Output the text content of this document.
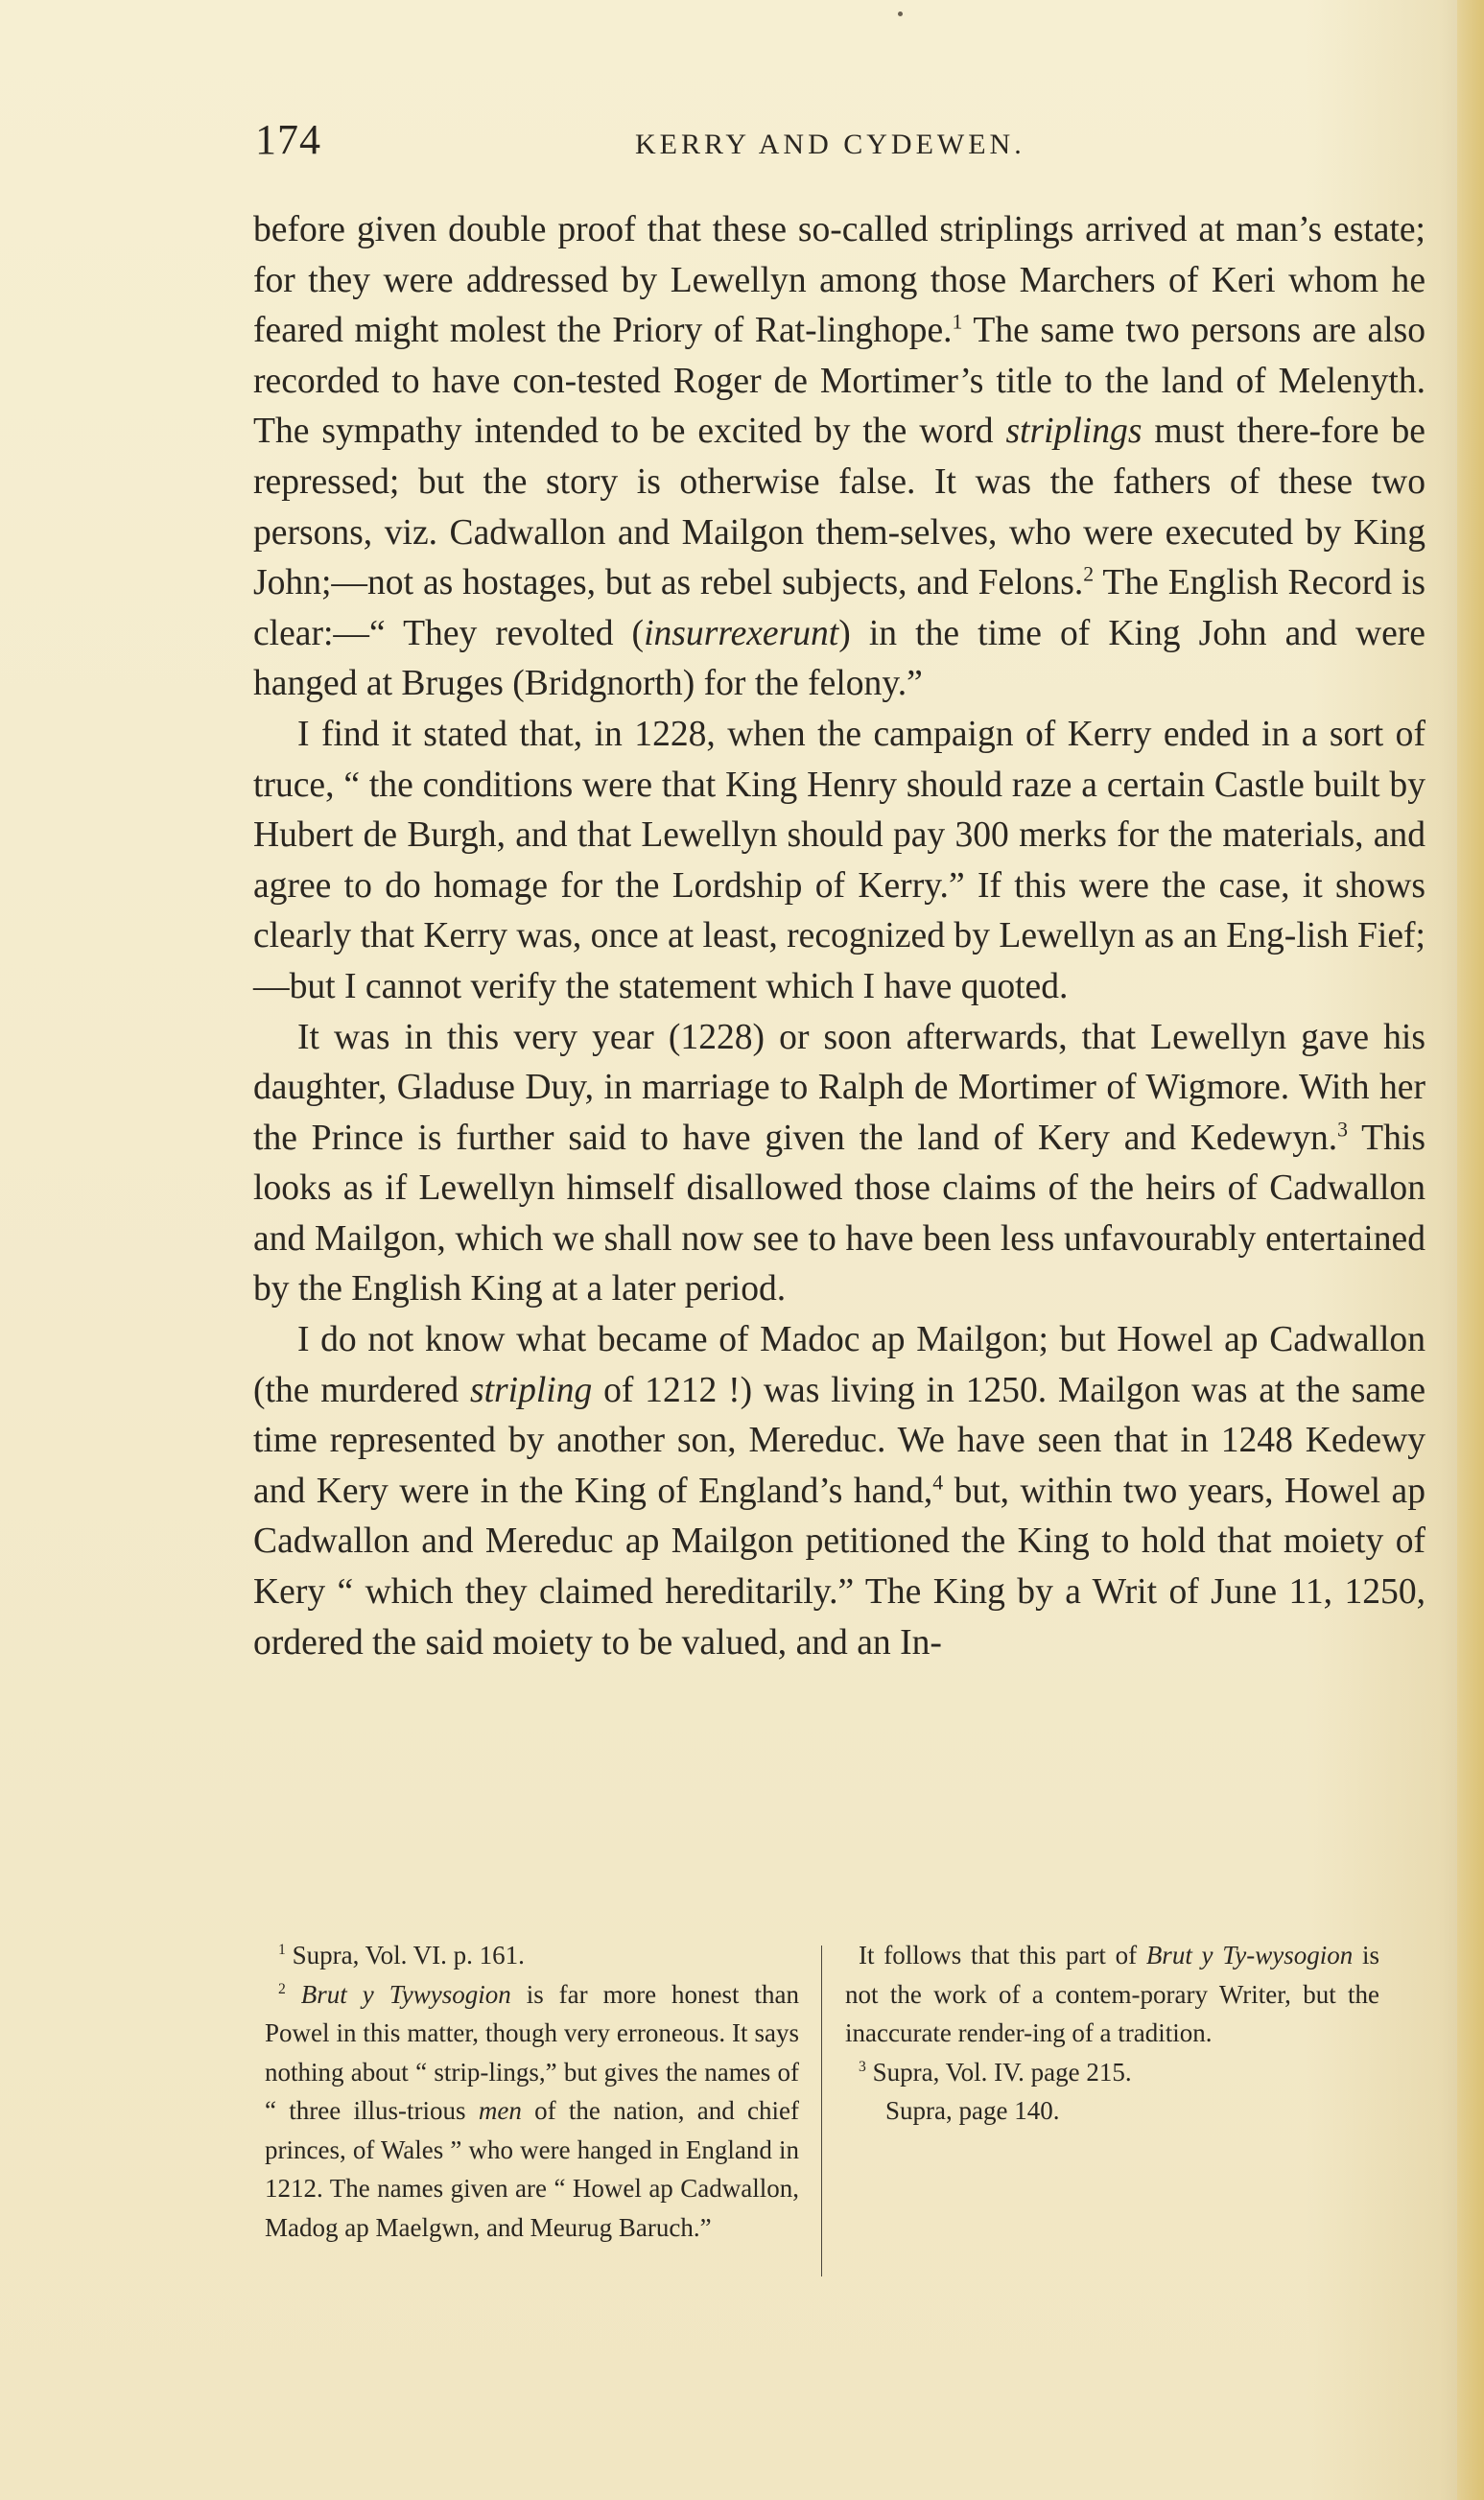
174	KERRY AND CYDEWEN.

before given double proof that these so-called striplings arrived at man’s estate; for they were addressed by Lewellyn among those Marchers of Keri whom he feared might molest the Priory of Rat-linghope.$^1$ The same two persons are also recorded to have con-tested Roger de Mortimer’s title to the land of Melenyth. The sympathy intended to be excited by the word striplings must there-fore be repressed; but the story is otherwise false. It was the fathers of these two persons, viz. Cadwallon and Mailgon them-selves, who were executed by King John;—not as hostages, but as rebel subjects, and Felons.$^2$ The English Record is clear:—“ They revolted (insurrexerunt) in the time of King John and were hanged at Bruges (Bridgnorth) for the felony.”

I find it stated that, in 1228, when the campaign of Kerry ended in a sort of truce, “ the conditions were that King Henry should raze a certain Castle built by Hubert de Burgh, and that Lewellyn should pay 300 merks for the materials, and agree to do homage for the Lordship of Kerry.” If this were the case, it shows clearly that Kerry was, once at least, recognized by Lewellyn as an Eng-lish Fief;—but I cannot verify the statement which I have quoted.

It was in this very year (1228) or soon afterwards, that Lewellyn gave his daughter, Gladuse Duy, in marriage to Ralph de Mortimer of Wigmore. With her the Prince is further said to have given the land of Kery and Kedewyn.$^3$ This looks as if Lewellyn himself disallowed those claims of the heirs of Cadwallon and Mailgon, which we shall now see to have been less unfavourably entertained by the English King at a later period.

I do not know what became of Madoc ap Mailgon; but Howel ap Cadwallon (the murdered stripling of 1212 !) was living in 1250. Mailgon was at the same time represented by another son, Mereduc. We have seen that in 1248 Kedewy and Kery were in the King of England’s hand,$^4$ but, within two years, Howel ap Cadwallon and Mereduc ap Mailgon petitioned the King to hold that moiety of Kery “ which they claimed hereditarily.” The King by a Writ of June 11, 1250, ordered the said moiety to be valued, and an In-

$^1$ Supra, Vol. VI. p. 161.

$^2$ Brut y Tywysogion is far more honest than Powel in this matter, though very erroneous. It says nothing about “ strip-lings,” but gives the names of “ three illus-trious men of the nation, and chief princes, of Wales ” who were hanged in England in 1212. The names given are “ Howel ap Cadwallon, Madog ap Maelgwn, and Meurug Baruch.”

It follows that this part of Brut y Ty-wysogion is not the work of a contem-porary Writer, but the inaccurate render-ing of a tradition.

$^3$ Supra, Vol. IV. page 215.

Supra, page 140.
